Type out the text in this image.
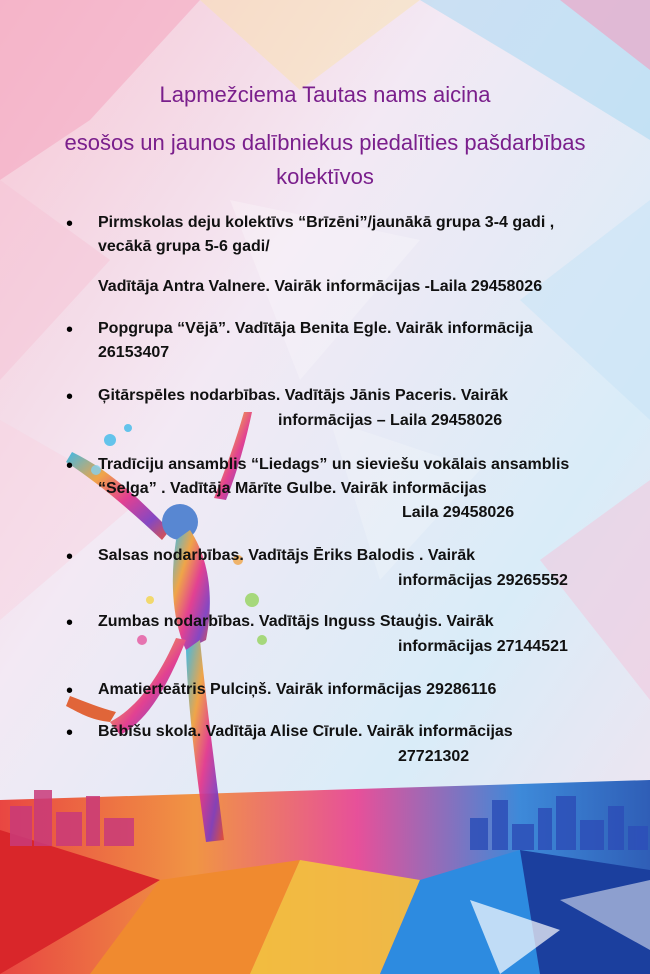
Lapmežciema Tautas nams aicina
esošos un jaunos dalībniekus piedalīties pašdarbības
kolektīvos
• Pirmskolas deju kolektīvs “Brīzēni”/jaunākā grupa 3-4 gadi ,
vecākā grupa 5-6 gadi/
Vadītāja Antra Valnere. Vairāk informācijas -Laila 29458026
• Popgrupa “Vējā”. Vadītāja Benita Egle. Vairāk informācija
26153407
• Ģitārspēles nodarbības. Vadītājs Jānis Paceris. Vairāk
informācijas – Laila 29458026
• Tradīciju ansamblis “Liedags” un sieviešu vokālais ansamblis
“Selga” . Vadītāja Mārīte Gulbe. Vairāk informācijas
Laila 29458026
• Salsas nodarbības. Vadītājs Ēriks Balodis . Vairāk
informācijas 29265552
• Zumbas nodarbības. Vadītājs Inguss Stauģis. Vairāk
informācijas 27144521
• Amatierteātris Pulciņš. Vairāk informācijas 29286116
• Bēbīšu skola. Vadītāja Alise Cīrule. Vairāk informācijas
27721302
